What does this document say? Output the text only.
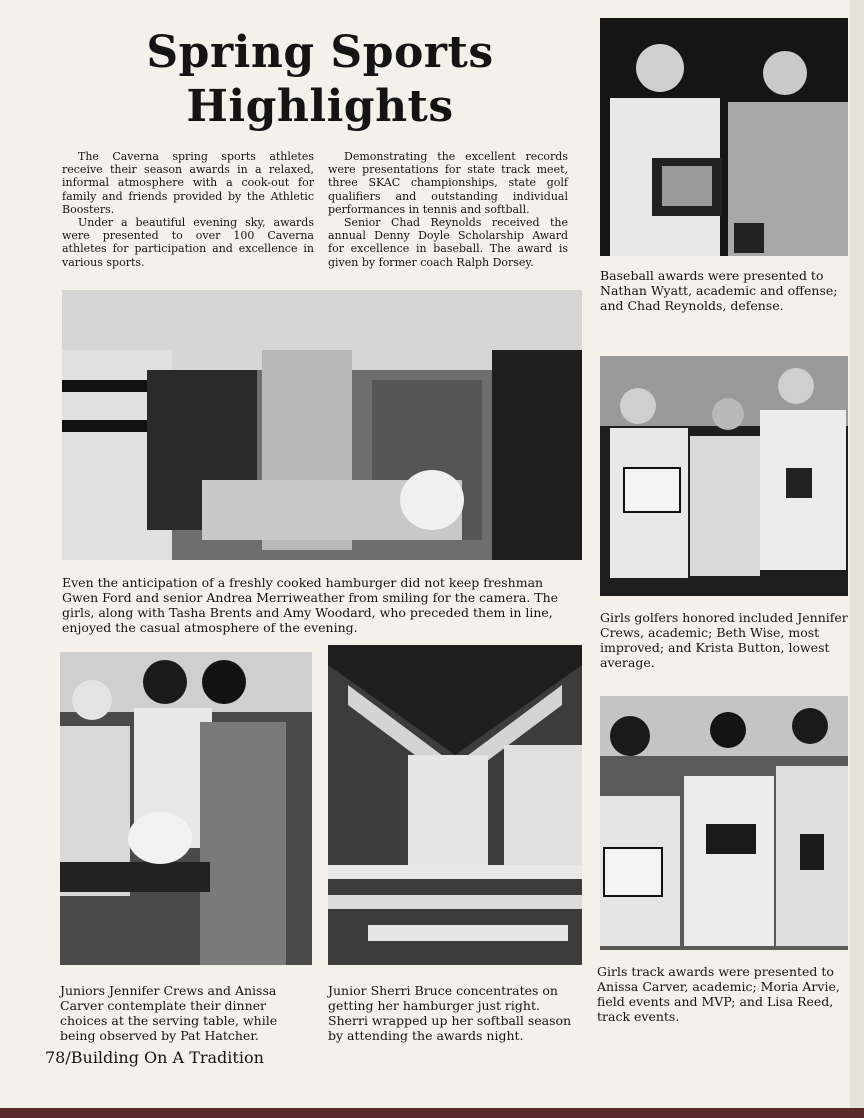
Spring Sports
Highlights

The Caverna spring sports athletes receive their season awards in a relaxed, informal atmosphere with a cook-out for family and friends provided by the Athletic Boosters.

Under a beautiful evening sky, awards were presented to over 100 Caverna athletes for participation and excellence in various sports.

Demonstrating the excellent records were presentations for state track meet, three SKAC championships, state golf qualifiers and outstanding individual performances in tennis and softball.

Senior Chad Reynolds received the annual Denny Doyle Scholarship Award for excellence in baseball. The award is given by former coach Ralph Dorsey.

Baseball awards were presented to Nathan Wyatt, academic and offense; and Chad Reynolds, defense.
Even the anticipation of a freshly cooked hamburger did not keep freshman Gwen Ford and senior Andrea Merriweather from smiling for the camera. The girls, along with Tasha Brents and Amy Woodard, who preceded them in line, enjoyed the casual atmosphere of the evening.
Girls golfers honored included Jennifer Crews, academic; Beth Wise, most improved; and Krista Button, lowest average.
Juniors Jennifer Crews and Anissa Carver contemplate their dinner choices at the serving table, while being observed by Pat Hatcher.
Junior Sherri Bruce concentrates on getting her hamburger just right. Sherri wrapped up her softball season by attending the awards night.
Girls track awards were presented to Anissa Carver, academic; Moria Arvie, field events and MVP; and Lisa Reed, track events.
78/Building On A Tradition
